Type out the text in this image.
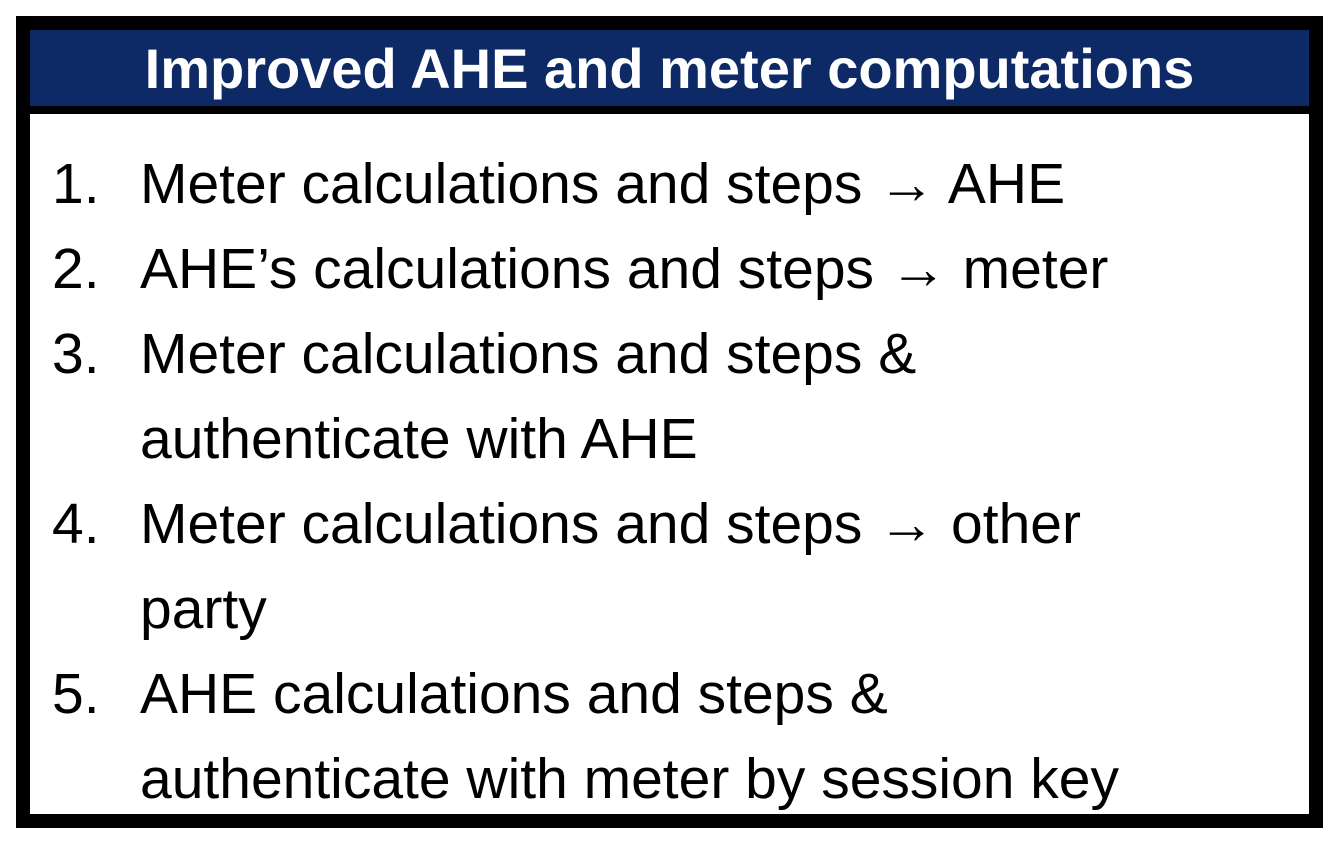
Improved AHE and meter computations
1. Meter calculations and steps → AHE
2. AHE’s calculations and steps → meter
3. Meter calculations and steps &
authenticate with AHE
4. Meter calculations and steps → other
party
5. AHE calculations and steps &
authenticate with meter by session key
